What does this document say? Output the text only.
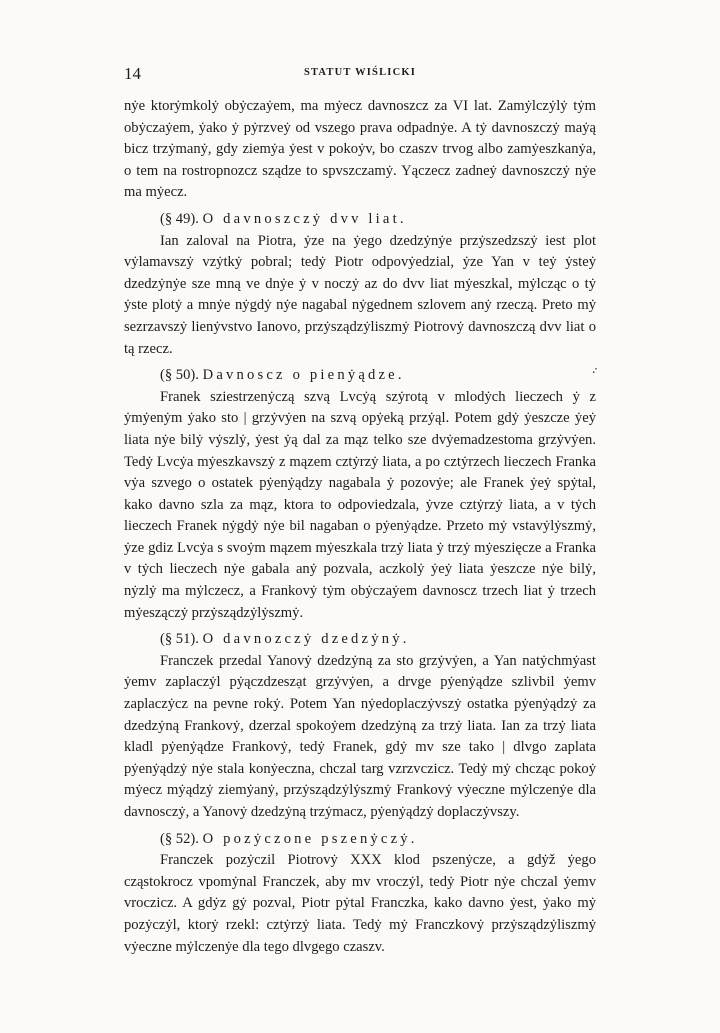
14	STATUT WIŚLICKI

nẏe ktorẏmkolẏ obẏczaẏem, ma mẏecz davnoszcz za VI lat. Zamẏlczẏlẏ tẏm obẏczaẏem, ẏako ẏ pẏrzveẏ od vszego prava odpadnẏe. A tẏ davnoszczẏ maẏą bicz trzẏmanẏ, gdy ziemẏa ẏest v pokoẏv, bo czaszv trvog albo zamẏeszkanẏa, o tem na rostropnozcz sządze to spvszczamẏ. Yączecz zadneẏ davnoszczẏ nẏe ma mẏecz.

(§ 49). O davnoszczẏ dvv liat.

Ian zaloval na Piotra, ẏze na ẏego dzedzẏnẏe przẏszedzszẏ iest plot vẏlamavszẏ vzẏtkẏ pobral; tedẏ Piotr odpovẏedzial, ẏze Yan v teẏ ẏsteẏ dzedzẏnẏe sze mną ve dnẏe ẏ v noczẏ az do dvv liat mẏeszkal, mẏlcząc o tẏ ẏste plotẏ a mnẏe nẏgdẏ nẏe nagabal nẏgednem szlovem anẏ rzeczą. Preto mẏ sezrzavszẏ lienẏvstvo Ianovo, przẏsządzẏliszmẏ Piotrovẏ davnoszczą dvv liat o tą rzecz.

(§ 50). Davnoscz o pienẏądze.	·̇

Franek sziestrzenẏczą szvą Lvcẏą szẏrotą v mlodẏch lieczech ẏ z ẏmẏenẏm ẏako sto | grzẏvẏen na szvą opẏeką przẏąl. Potem gdẏ ẏeszcze ẏeẏ liata nẏe bilẏ vẏszlẏ, ẏest ẏą dal za mąz telko sze dvẏemadzestoma grzẏvẏen. Tedẏ Lvcẏa mẏeszkavszẏ z mązem cztẏrzẏ liata, a po cztẏrzech lieczech Franka vẏa szvego o ostatek pẏenẏądzy nagabala ẏ pozovẏe; ale Franek ẏeẏ spẏtal, kako davno szla za mąz, ktora to odpoviedzala, ẏvze cztẏrzẏ liata, a v tẏch lieczech Franek nẏgdẏ nẏe bil nagaban o pẏenẏądze. Przeto mẏ vstavẏlẏszmẏ, ẏze gdiz Lvcẏa s svoẏm mązem mẏeszkala trzẏ liata ẏ trzẏ mẏeszięcze a Franka v tẏch lieczech nẏe gabala anẏ pozvala, aczkolẏ ẏeẏ liata ẏeszcze nẏe bilẏ, nẏzlẏ ma mẏlczecz, a Frankovẏ tẏm obẏczaẏem davnoscz trzech liat ẏ trzech mẏeszączẏ przẏsządzẏlẏszmẏ.

(§ 51). O davnozczẏ dzedzẏnẏ.

Franczek przedal Yanovẏ dzedzẏną za sto grzẏvẏen, a Yan natẏchmẏast ẏemv zaplaczẏl pẏączdzeszạt grzẏvẏen, a drvge pẏenẏądze szlivbil ẏemv zaplaczẏcz na pevne rokẏ. Potem Yan nẏedoplaczẏvszẏ ostatka pẏenẏądzẏ za dzedzẏną Frankovẏ, dzerzal spokoẏem dzedzẏną za trzẏ liata. Ian za trzẏ liata kladl pẏenẏądze Frankovẏ, tedẏ Franek, gdẏ mv sze tako | dlvgo zaplata pẏenẏądzẏ nẏe stala konẏeczna, chczal targ vzrzvczicz. Tedẏ mẏ chcząc pokoẏ mẏecz mẏądzẏ ziemẏanẏ, przẏsządzẏlẏszmẏ Frankovẏ vẏeczne mẏlczenẏe dla davnosczẏ, a Yanovẏ dzedzẏną trzẏmacz, pẏenẏądzẏ doplaczẏvszy.

(§ 52). O pozẏczone pszenẏczẏ.

Franczek pozẏczil Piotrovẏ XXX klod pszenẏcze, a gdẏž ẏego cząstokrocz vpomẏnal Franczek, aby mv vroczẏl, tedẏ Piotr nẏe chczal ẏemv vroczicz. A gdẏz gẏ pozval, Piotr pẏtal Franczka, kako davno ẏest, ẏako mẏ pozẏczẏl, ktorẏ rzekl: cztẏrzẏ liata. Tedẏ mẏ Franczkovẏ przẏsządzẏliszmẏ vẏeczne mẏlczenẏe dla tego dlvgego czaszv.
